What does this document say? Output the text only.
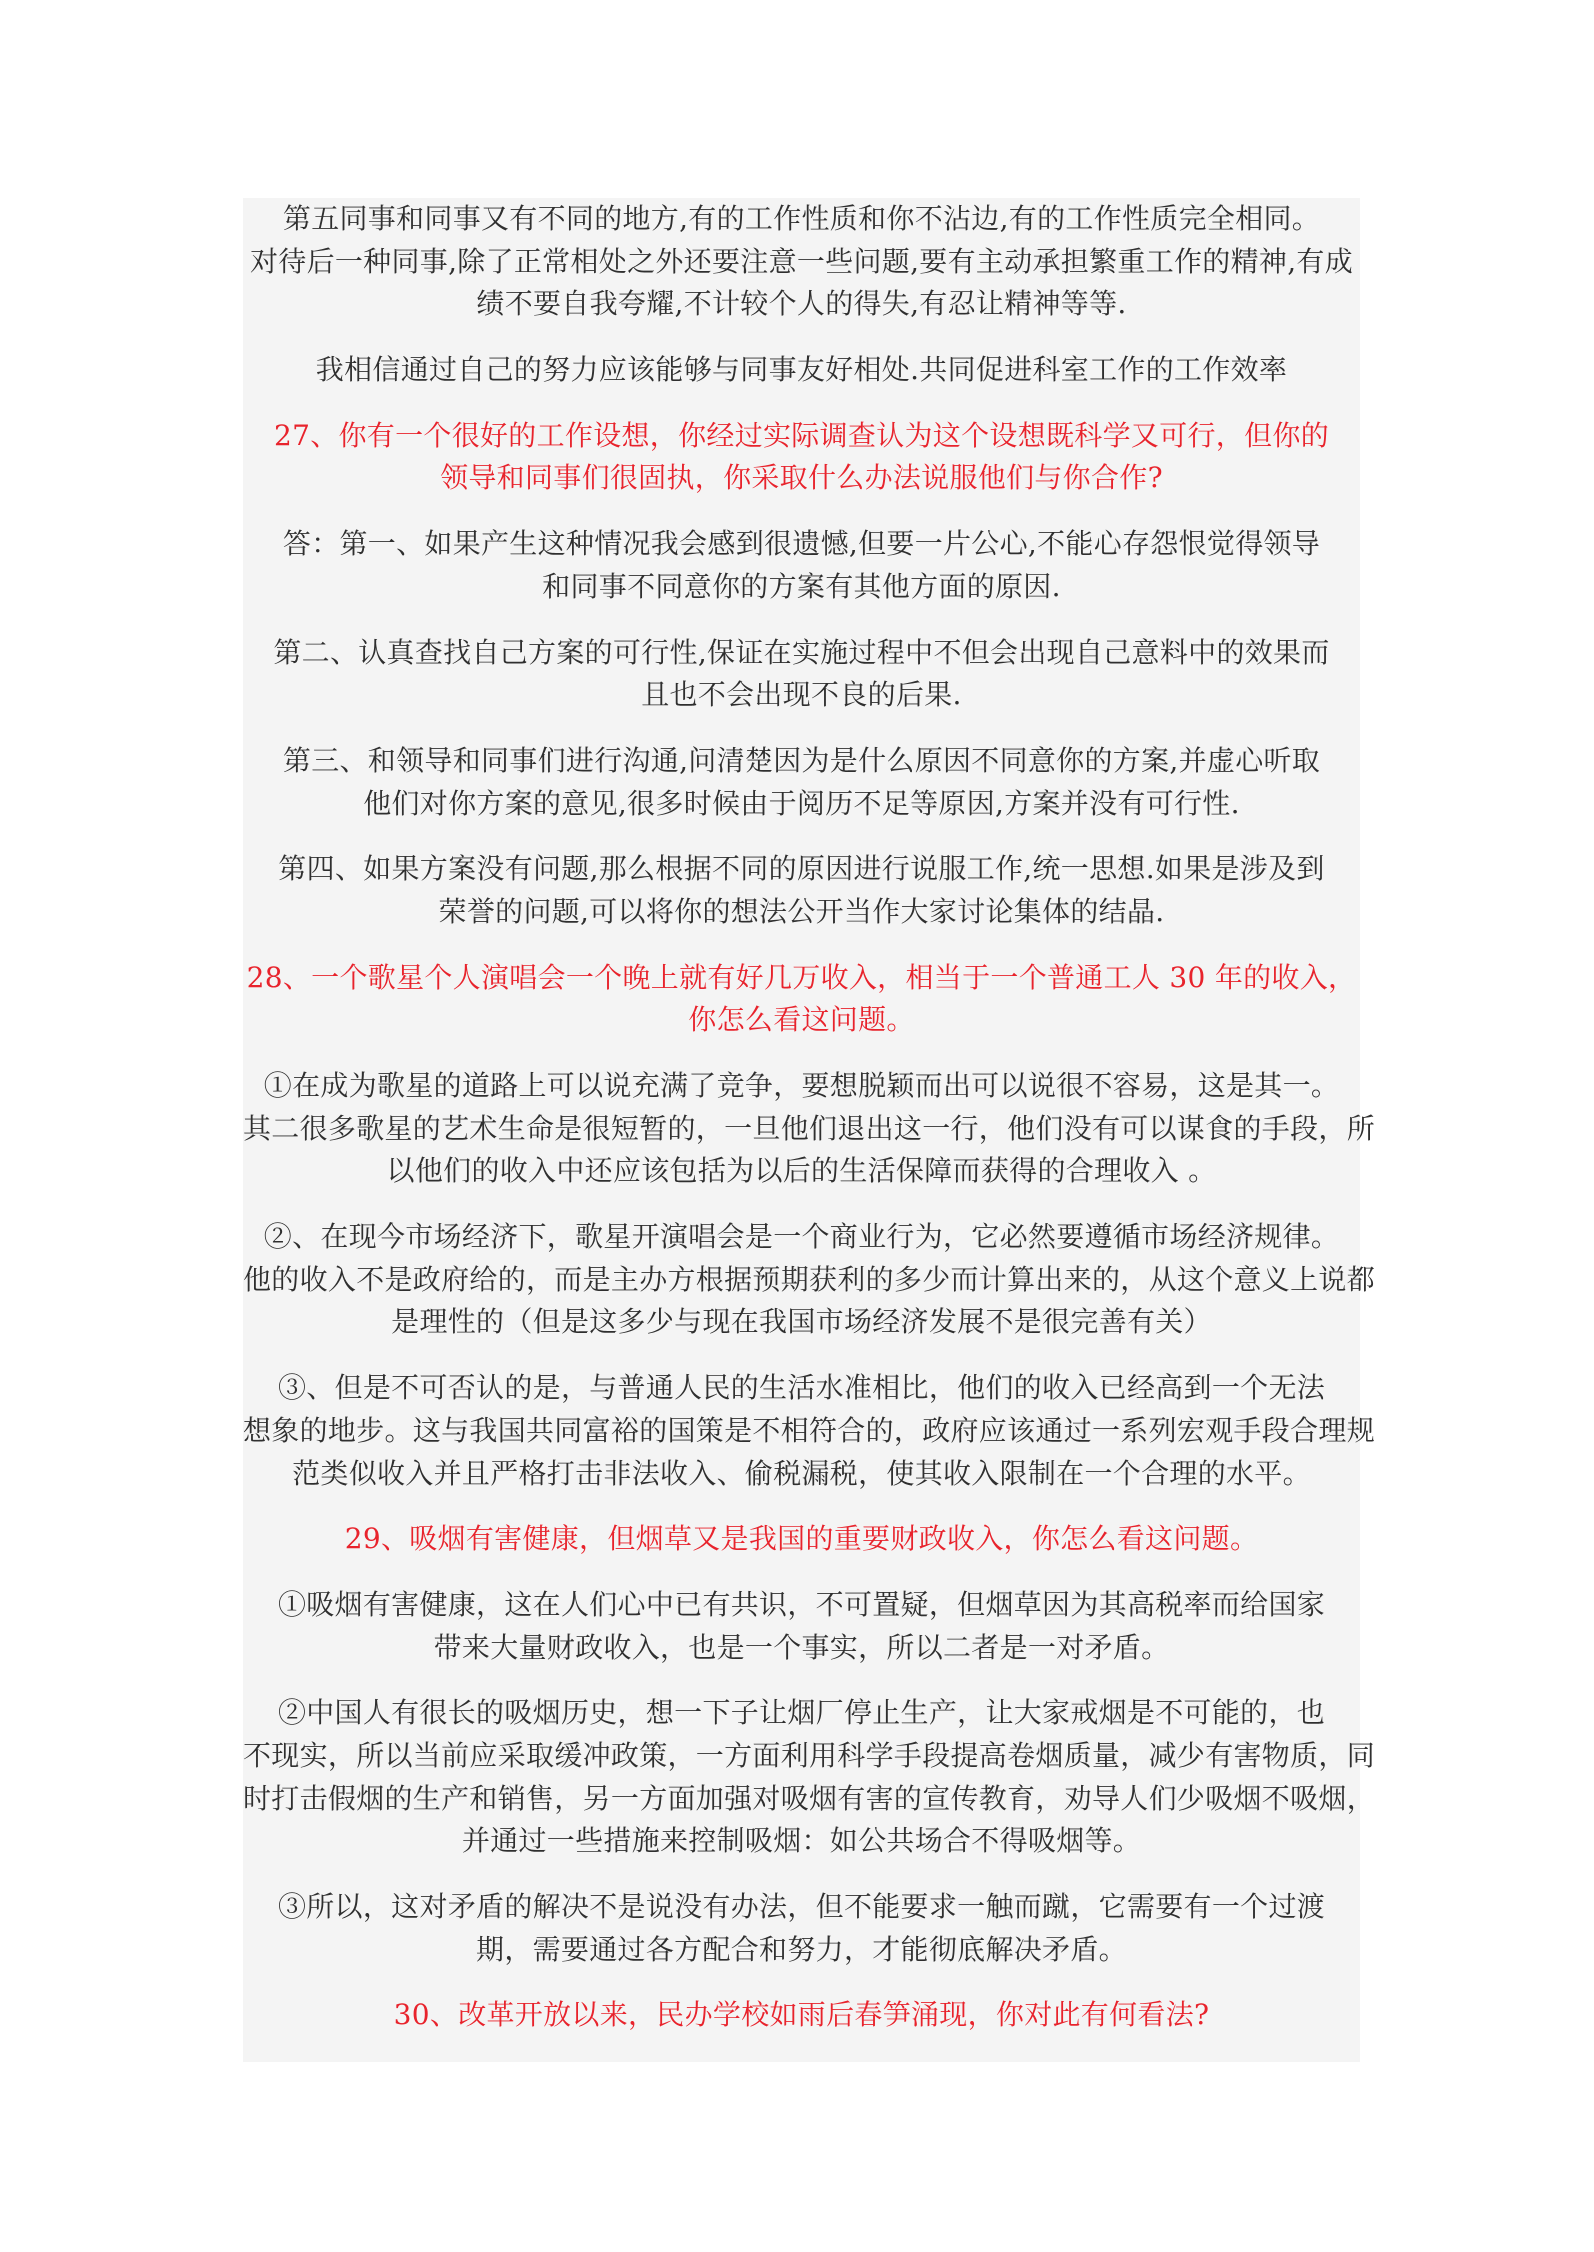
第五同事和同事又有不同的地方,有的工作性质和你不沾边,有的工作性质完全相同。
对待后一种同事,除了正常相处之外还要注意一些问题,要有主动承担繁重工作的精神,有成
绩不要自我夸耀,不计较个人的得失,有忍让精神等等.
我相信通过自己的努力应该能够与同事友好相处.共同促进科室工作的工作效率
27、你有一个很好的工作设想，你经过实际调查认为这个设想既科学又可行，但你的
领导和同事们很固执，你采取什么办法说服他们与你合作?
答：第一、如果产生这种情况我会感到很遗憾,但要一片公心,不能心存怨恨觉得领导
和同事不同意你的方案有其他方面的原因.
第二、认真查找自己方案的可行性,保证在实施过程中不但会出现自己意料中的效果而
且也不会出现不良的后果.
第三、和领导和同事们进行沟通,问清楚因为是什么原因不同意你的方案,并虚心听取
他们对你方案的意见,很多时候由于阅历不足等原因,方案并没有可行性.
第四、如果方案没有问题,那么根据不同的原因进行说服工作,统一思想.如果是涉及到
荣誉的问题,可以将你的想法公开当作大家讨论集体的结晶.
28、一个歌星个人演唱会一个晚上就有好几万收入，相当于一个普通工人 30 年的收入，
你怎么看这问题。
①在成为歌星的道路上可以说充满了竞争，要想脱颖而出可以说很不容易，这是其一。
其二很多歌星的艺术生命是很短暂的，一旦他们退出这一行，他们没有可以谋食的手段，所
以他们的收入中还应该包括为以后的生活保障而获得的合理收入 。
②、在现今市场经济下，歌星开演唱会是一个商业行为，它必然要遵循市场经济规律。
他的收入不是政府给的，而是主办方根据预期获利的多少而计算出来的，从这个意义上说都
是理性的（但是这多少与现在我国市场经济发展不是很完善有关）
③、但是不可否认的是，与普通人民的生活水准相比，他们的收入已经高到一个无法
想象的地步。这与我国共同富裕的国策是不相符合的，政府应该通过一系列宏观手段合理规
范类似收入并且严格打击非法收入、偷税漏税，使其收入限制在一个合理的水平。
29、吸烟有害健康，但烟草又是我国的重要财政收入，你怎么看这问题。
①吸烟有害健康，这在人们心中已有共识，不可置疑，但烟草因为其高税率而给国家
带来大量财政收入，也是一个事实，所以二者是一对矛盾。
②中国人有很长的吸烟历史，想一下子让烟厂停止生产，让大家戒烟是不可能的，也
不现实，所以当前应采取缓冲政策，一方面利用科学手段提高卷烟质量，减少有害物质，同
时打击假烟的生产和销售，另一方面加强对吸烟有害的宣传教育，劝导人们少吸烟不吸烟，
并通过一些措施来控制吸烟：如公共场合不得吸烟等。
③所以，这对矛盾的解决不是说没有办法，但不能要求一触而蹴，它需要有一个过渡
期，需要通过各方配合和努力，才能彻底解决矛盾。
30、改革开放以来，民办学校如雨后春笋涌现，你对此有何看法?
